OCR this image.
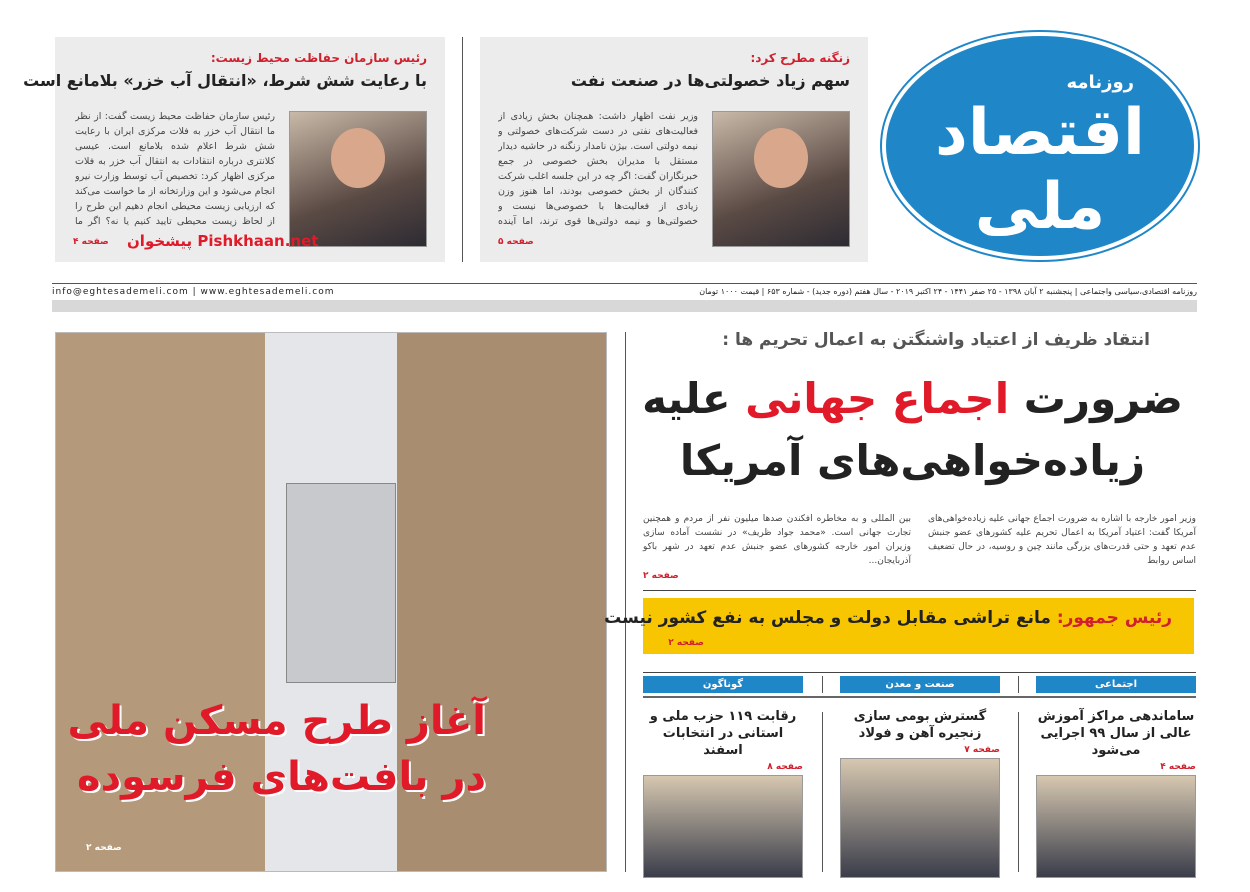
روزنامه
اقتصاد ملی
زنگنه مطرح کرد:
سهم زیاد خصولتی‌ها در صنعت نفت
وزیر نفت اظهار داشت: همچنان بخش زیادی از فعالیت‌های نفتی در دست شرکت‌های خصولتی و نیمه دولتی است. بیژن نامدار زنگنه در حاشیه دیدار مستقل با مدیران بخش خصوصی در جمع خبرنگاران گفت: اگر چه در این جلسه اغلب شرکت کنندگان از بخش خصوصی بودند، اما هنوز وزن زیادی از فعالیت‌ها با خصوصی‌ها نیست و خصولتی‌ها و نیمه دولتی‌ها قوی ترند، اما آینده
صفحه ۵
رئیس سازمان حفاظت محیط زیست:
با رعایت شش شرط، «انتقال آب خزر» بلامانع است
رئیس سازمان حفاظت محیط زیست گفت: از نظر ما انتقال آب خزر به فلات مرکزی ایران با رعایت شش شرط اعلام شده بلامانع است. عیسی کلانتری درباره انتقادات به انتقال آب خزر به فلات مرکزی اظهار کرد: تخصیص آب توسط وزارت نیرو انجام می‌شود و این وزارتخانه از ما خواست می‌کند که ارزیابی زیست محیطی انجام دهیم این طرح را از لحاظ زیست محیطی تایید کنیم یا نه؟ اگر ما
صفحه ۴ پیشخوان Pishkhaan.net
info@eghtesademeli.com | www.eghtesademeli.com	روزنامه اقتصادی،سیاسی واجتماعی | پنجشنبه ۲ آبان ۱۳۹۸ - ۲۵ صفر ۱۴۴۱ - ۲۴ اکتبر ۲۰۱۹ - سال هفتم (دوره جدید) - شماره ۶۵۳ | قیمت ۱۰۰۰ تومان
آغاز طرح مسکن ملی
در بافت‌های فرسوده
صفحه ۲
انتقاد ظریف از اعتیاد واشنگتن به اعمال تحریم ها :
ضرورت اجماع جهانی علیه
زیاده‌خواهی‌های آمریکا
وزیر امور خارجه با اشاره به ضرورت اجماع جهانی علیه زیاده‌خواهی‌های آمریکا گفت: اعتیاد آمریکا به اعمال تحریم علیه کشورهای عضو جنبش عدم تعهد و حتی قدرت‌های بزرگی مانند چین و روسیه، در حال تضعیف اساس روابط
بین المللی و به مخاطره افکندن صدها میلیون نفر از مردم و همچنین تجارت جهانی است. «محمد جواد ظریف» در نشست آماده سازی وزیران امور خارجه کشورهای عضو جنبش عدم تعهد در شهر باکو آذربایجان...
صفحه ۲
رئیس جمهور: مانع تراشی مقابل دولت و مجلس به نفع کشور نیست
صفحه ۲
اجتماعی
صنعت و معدن
گوناگون
ساماندهی مراکز آموزش عالی از سال ۹۹ اجرایی می‌شود
صفحه ۴
گسترش بومی سازی زنجیره آهن و فولاد
صفحه ۷
رقابت ۱۱۹ حزب ملی و استانی در انتخابات اسفند
صفحه ۸
